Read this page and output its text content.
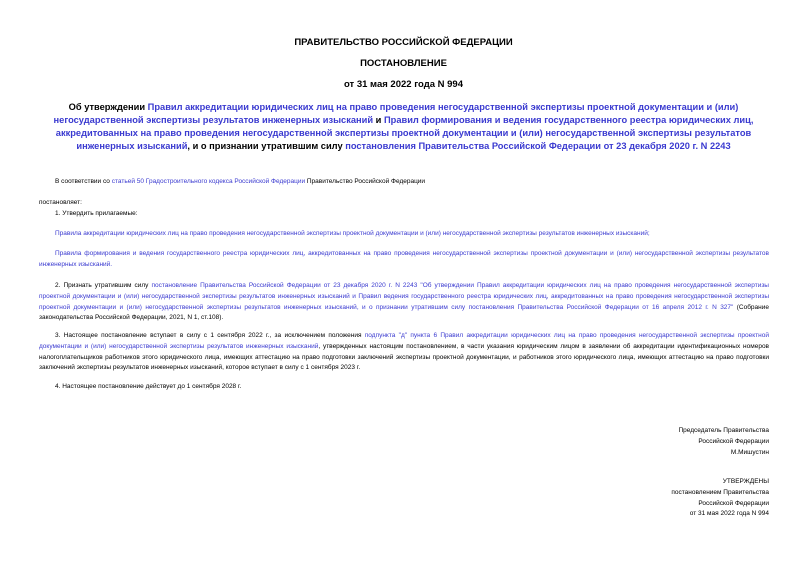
ПРАВИТЕЛЬСТВО РОССИЙСКОЙ ФЕДЕРАЦИИ
ПОСТАНОВЛЕНИЕ
от 31 мая 2022 года N 994
Об утверждении Правил аккредитации юридических лиц на право проведения негосударственной экспертизы проектной документации и (или) негосударственной экспертизы результатов инженерных изысканий и Правил формирования и ведения государственного реестра юридических лиц, аккредитованных на право проведения негосударственной экспертизы проектной документации и (или) негосударственной экспертизы результатов инженерных изысканий, и о признании утратившим силу постановления Правительства Российской Федерации от 23 декабря 2020 г. N 2243
В соответствии со статьей 50 Градостроительного кодекса Российской Федерации Правительство Российской Федерации
постановляет:
1. Утвердить прилагаемые:
Правила аккредитации юридических лиц на право проведения негосударственной экспертизы проектной документации и (или) негосударственной экспертизы результатов инженерных изысканий;
Правила формирования и ведения государственного реестра юридических лиц, аккредитованных на право проведения негосударственной экспертизы проектной документации и (или) негосударственной экспертизы результатов инженерных изысканий.
2. Признать утратившим силу постановление Правительства Российской Федерации от 23 декабря 2020 г. N 2243 "Об утверждении Правил аккредитации юридических лиц на право проведения негосударственной экспертизы проектной документации и (или) негосударственной экспертизы результатов инженерных изысканий и Правил ведения государственного реестра юридических лиц, аккредитованных на право проведения негосударственной экспертизы проектной документации и (или) негосударственной экспертизы результатов инженерных изысканий, и о признании утратившим силу постановления Правительства Российской Федерации от 16 апреля 2012 г. N 327" (Собрание законодательства Российской Федерации, 2021, N 1, ст.108).
3. Настоящее постановление вступает в силу с 1 сентября 2022 г., за исключением положения подпункта "д" пункта 6 Правил аккредитации юридических лиц на право проведения негосударственной экспертизы проектной документации и (или) негосударственной экспертизы результатов инженерных изысканий, утвержденных настоящим постановлением, в части указания юридическим лицом в заявлении об аккредитации идентификационных номеров налогоплательщиков работников этого юридического лица, имеющих аттестацию на право подготовки заключений экспертизы проектной документации, и работников этого юридического лица, имеющих аттестацию на право подготовки заключений экспертизы результатов инженерных изысканий, которое вступает в силу с 1 сентября 2023 г.
4. Настоящее постановление действует до 1 сентября 2028 г.
Председатель Правительства
Российской Федерации
М.Мишустин
УТВЕРЖДЕНЫ
постановлением Правительства
Российской Федерации
от 31 мая 2022 года N 994
